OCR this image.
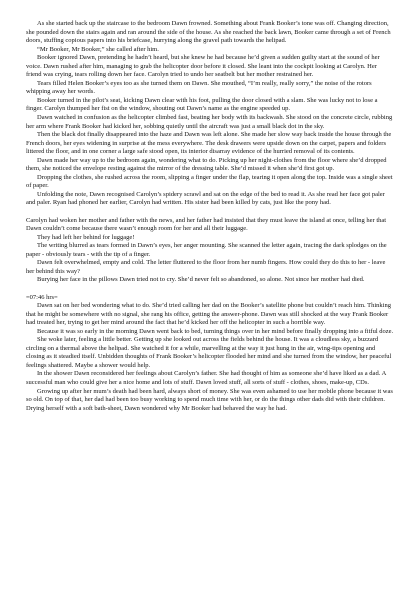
As she started back up the staircase to the bedroom Dawn frowned. Something about Frank Booker’s tone was off. Changing direction, she pounded down the stairs again and ran around the side of the house. As she reached the back lawn, Booker came through a set of French doors, stuffing copious papers into his briefcase, hurrying along the gravel path towards the helipad.

“Mr Booker, Mr Booker,” she called after him.

Booker ignored Dawn, pretending he hadn’t heard, but she knew he had because he’d given a sudden guilty start at the sound of her voice. Dawn rushed after him, managing to grab the helicopter door before it closed. She leant into the cockpit looking at Carolyn. Her friend was crying, tears rolling down her face. Carolyn tried to undo her seatbelt but her mother restrained her.

Tears filled Helen Booker’s eyes too as she turned them on Dawn. She mouthed, “I’m really, really sorry,” the noise of the rotors whipping away her words.

Booker turned in the pilot’s seat, kicking Dawn clear with his foot, pulling the door closed with a slam. She was lucky not to lose a finger. Carolyn thumped her fist on the window, shouting out Dawn’s name as the engine speeded up.

Dawn watched in confusion as the helicopter climbed fast, beating her body with its backwash. She stood on the concrete circle, rubbing her arm where Frank Booker had kicked her, sobbing quietly until the aircraft was just a small black dot in the sky.

Then the black dot finally disappeared into the haze and Dawn was left alone. She made her slow way back inside the house through the French doors, her eyes widening in surprise at the mess everywhere. The desk drawers were upside down on the carpet, papers and folders littered the floor, and in one corner a large safe stood open, its interior disarray evidence of the hurried removal of its contents.

Dawn made her way up to the bedroom again, wondering what to do. Picking up her night-clothes from the floor where she’d dropped them, she noticed the envelope resting against the mirror of the dressing table. She’d missed it when she’d first got up.

Dropping the clothes, she rushed across the room, slipping a finger under the flap, tearing it open along the top. Inside was a single sheet of paper.

Unfolding the note, Dawn recognised Carolyn’s spidery scrawl and sat on the edge of the bed to read it. As she read her face got paler and paler. Ryan had phoned her earlier, Carolyn had written. His sister had been killed by cats, just like the pony had.

Carolyn had woken her mother and father with the news, and her father had insisted that they must leave the island at once, telling her that Dawn couldn’t come because there wasn’t enough room for her and all their luggage.

They had left her behind for luggage!

The writing blurred as tears formed in Dawn’s eyes, her anger mounting. She scanned the letter again, tracing the dark splodges on the paper - obviously tears - with the tip of a finger.

Dawn felt overwhelmed, empty and cold. The letter fluttered to the floor from her numb fingers. How could they do this to her - leave her behind this way?

Burying her face in the pillows Dawn tried not to cry. She’d never felt so abandoned, so alone. Not since her mother had died.

=07:46 hrs=

Dawn sat on her bed wondering what to do. She’d tried calling her dad on the Booker’s satellite phone but couldn’t reach him. Thinking that he might be somewhere with no signal, she rang his office, getting the answer-phone. Dawn was still shocked at the way Frank Booker had treated her, trying to get her mind around the fact that he’d kicked her off the helicopter in such a horrible way.

Because it was so early in the morning Dawn went back to bed, turning things over in her mind before finally dropping into a fitful doze.

She woke later, feeling a little better. Getting up she looked out across the fields behind the house. It was a cloudless sky, a buzzard circling on a thermal above the helipad. She watched it for a while, marvelling at the way it just hung in the air, wing-tips opening and closing as it steadied itself. Unbidden thoughts of Frank Booker’s helicopter flooded her mind and she turned from the window, her peaceful feelings shattered. Maybe a shower would help.

In the shower Dawn reconsidered her feelings about Carolyn’s father. She had thought of him as someone she’d have liked as a dad. A successful man who could give her a nice home and lots of stuff. Dawn loved stuff, all sorts of stuff - clothes, shoes, make-up, CDs.

Growing up after her mum’s death had been hard, always short of money. She was even ashamed to use her mobile phone because it was so old. On top of that, her dad had been too busy working to spend much time with her, or do the things other dads did with their children. Drying herself with a soft bath-sheet, Dawn wondered why Mr Booker had behaved the way he had.
